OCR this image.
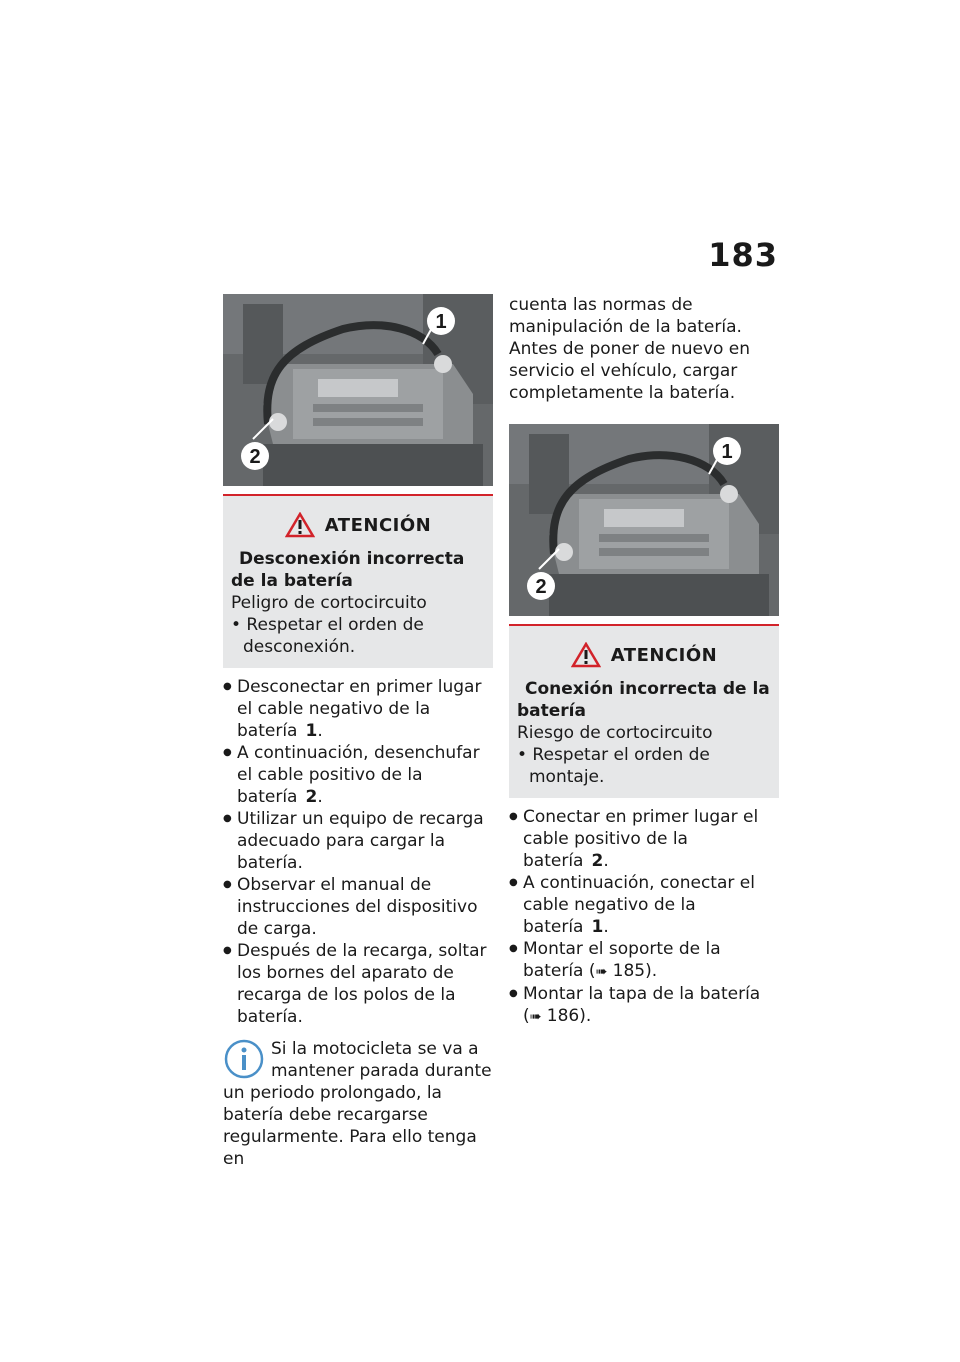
183
1
2
ATENCIÓN
Desconexión incorrecta de la batería
Peligro de cortocircuito
• Respetar el orden de desconexión.
● Desconectar en primer lugar el cable negativo de la batería 1.
● A continuación, desenchufar el cable positivo de la batería 2.
● Utilizar un equipo de recarga adecuado para cargar la batería.
● Observar el manual de instrucciones del dispositivo de carga.
● Después de la recarga, soltar los bornes del aparato de recarga de los polos de la batería.
Si la motocicleta se va a mantener parada durante un periodo prolongado, la batería debe recargarse regularmente. Para ello tenga en
cuenta las normas de manipulación de la batería. Antes de poner de nuevo en servicio el vehículo, cargar completamente la batería.
1
2
ATENCIÓN
Conexión incorrecta de la batería
Riesgo de cortocircuito
• Respetar el orden de montaje.
● Conectar en primer lugar el cable positivo de la batería 2.
● A continuación, conectar el cable negativo de la batería 1.
● Montar el soporte de la batería (➠ 185).
● Montar la tapa de la batería (➠ 186).
